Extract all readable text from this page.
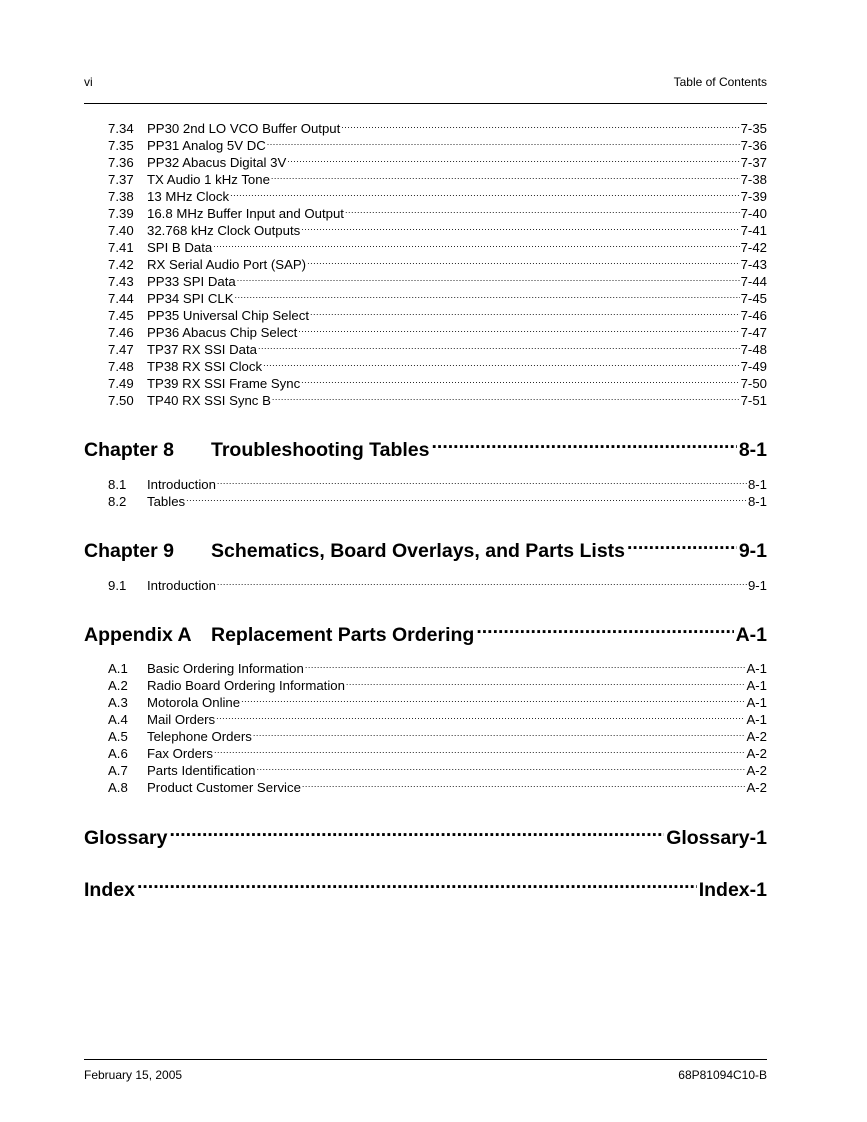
vi	Table of Contents
7.34	PP30 2nd LO VCO Buffer Output .....	7-35
7.35	PP31 Analog 5V DC .....	7-36
7.36	PP32 Abacus Digital 3V .....	7-37
7.37	TX Audio 1 kHz Tone .....	7-38
7.38	13 MHz Clock .....	7-39
7.39	16.8 MHz Buffer Input and Output .....	7-40
7.40	32.768 kHz Clock Outputs .....	7-41
7.41	SPI B Data .....	7-42
7.42	RX Serial Audio Port (SAP) .....	7-43
7.43	PP33 SPI Data .....	7-44
7.44	PP34 SPI CLK .....	7-45
7.45	PP35 Universal Chip Select .....	7-46
7.46	PP36 Abacus Chip Select .....	7-47
7.47	TP37 RX SSI Data .....	7-48
7.48	TP38 RX SSI Clock .....	7-49
7.49	TP39 RX SSI Frame Sync .....	7-50
7.50	TP40 RX SSI Sync B .....	7-51
Chapter 8	Troubleshooting Tables .....	8-1
8.1	Introduction .....	8-1
8.2	Tables .....	8-1
Chapter 9	Schematics, Board Overlays, and Parts Lists .....	9-1
9.1	Introduction .....	9-1
Appendix A Replacement Parts Ordering .....	A-1
A.1	Basic Ordering Information .....	A-1
A.2	Radio Board Ordering Information .....	A-1
A.3	Motorola Online .....	A-1
A.4	Mail Orders .....	A-1
A.5	Telephone Orders .....	A-2
A.6	Fax Orders .....	A-2
A.7	Parts Identification .....	A-2
A.8	Product Customer Service .....	A-2
Glossary .....	Glossary-1
Index .....	Index-1
February 15, 2005	68P81094C10-B
